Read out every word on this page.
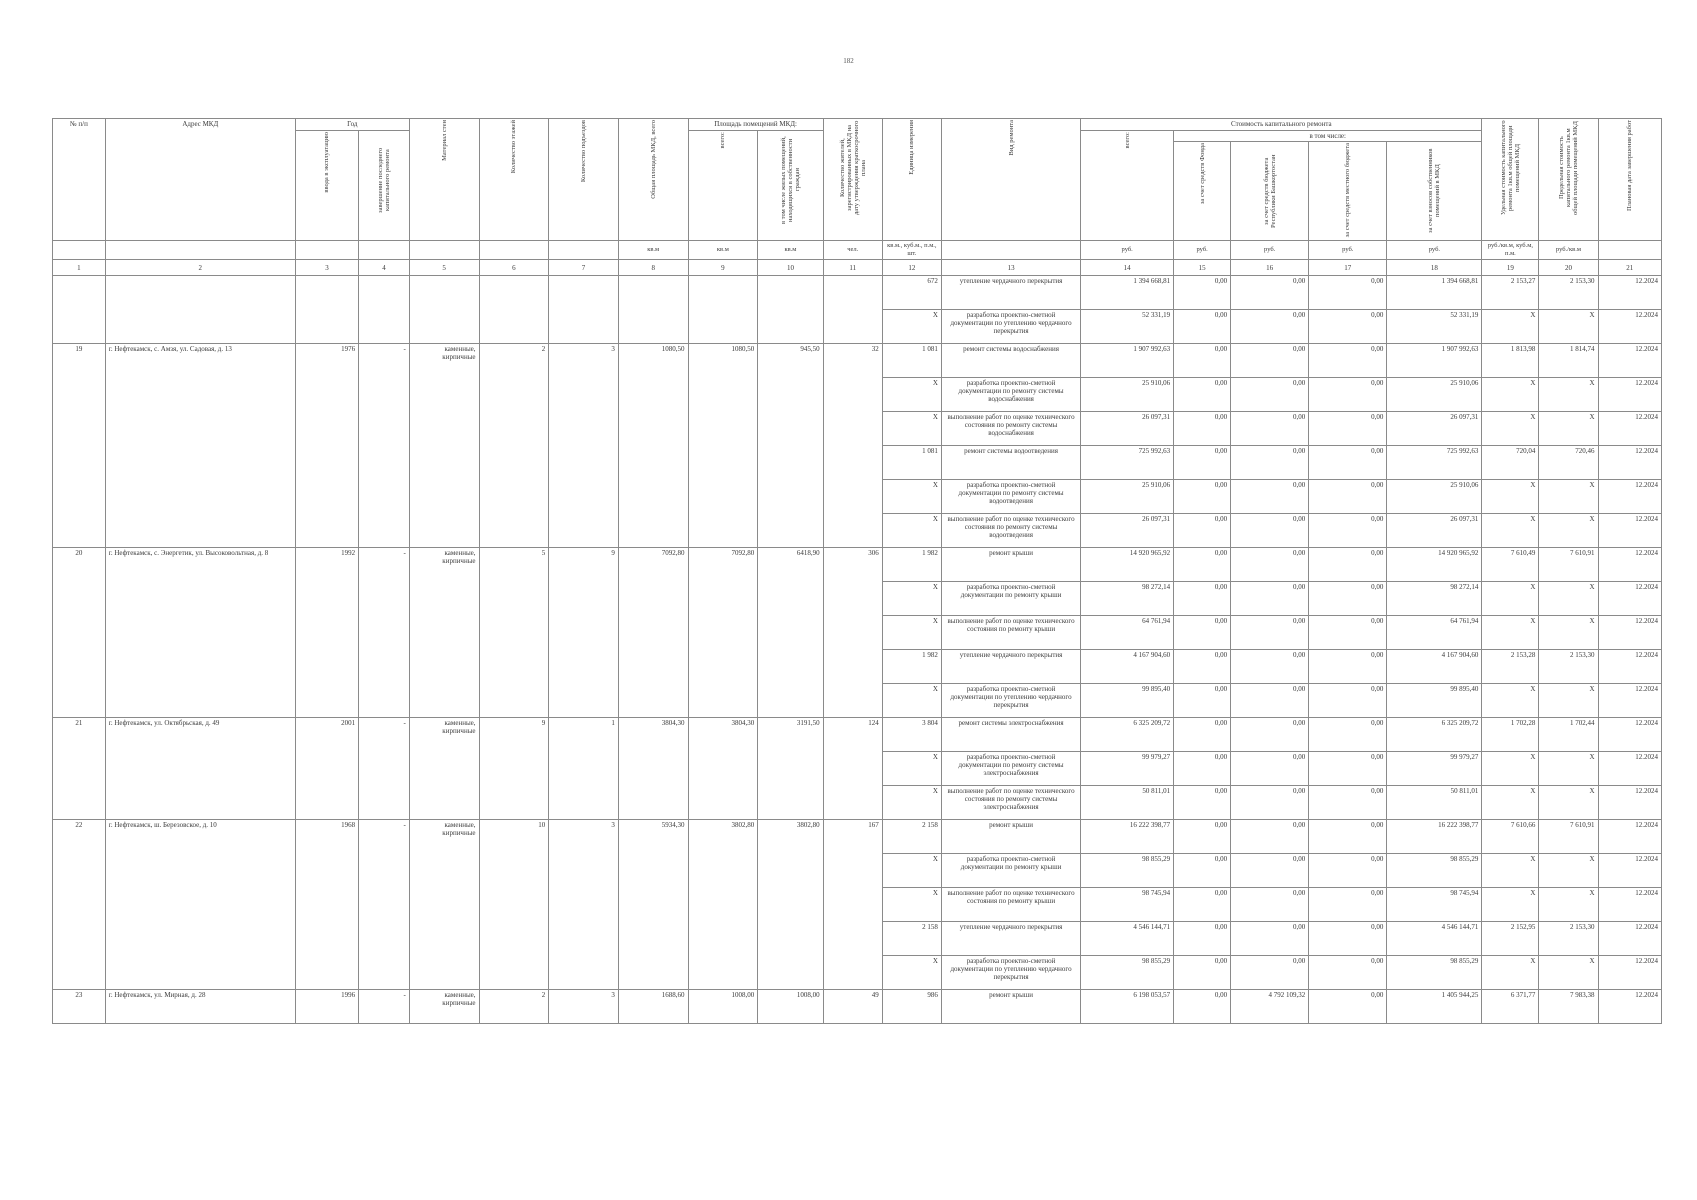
182
№ п/п	Адрес МКД	Год		Материал стен	Количество этажей	Количество подъездов	Общая площадь МКД, всего	Площадь помещений МКД:		Количество жителей, зарегистрированных в МКД на дату утверждения краткосрочного плана	Единица измерения	Вид ремонта	Стоимость капитального ремонта					Удельная стоимость капитального ремонта 1кв.м общей площади помещений МКД	Предельная стоимость капитального ремонта 1кв.м общей площади помещений МКД	Плановая дата завершения работ

		ввода в эксплуатацию	завершение последнего капитального ремонта					всего:	в том числе жилых помещений, находящихся в собственности граждан				всего:	в том числе:						

														за счет средств Фонда	за счет средств бюджета Республики Башкортостан	за счет средств местного бюджета	за счет взносов собственников помещений в МКД			

							кв.м	кв.м	кв.м	чел.	кв.м., куб.м., п.м., шт.		руб.	руб.	руб.	руб.	руб.	руб./кв.м, куб.м, п.м.	руб./кв.м	
1	2	3	4	5	6	7	8	9	10	11	12	13	14	15	16	17	18	19	20	21
											672	утепление чердачного перекрытия	1 394 668,81	0,00	0,00	0,00	1 394 668,81	2 153,27	2 153,30	12.2024
											X	разработка проектно-сметной документации по утеплению чердачного перекрытия	52 331,19	0,00	0,00	0,00	52 331,19	X	X	12.2024
19	г. Нефтекамск, с. Амзя, ул. Садовая, д. 13	1976	-	каменные, кирпичные	2	3	1080,50	1080,50	945,50	32	1 081	ремонт системы водоснабжения	1 907 992,63	0,00	0,00	0,00	1 907 992,63	1 813,98	1 814,74	12.2024
											X	разработка проектно-сметной документации по ремонту системы водоснабжения	25 910,06	0,00	0,00	0,00	25 910,06	X	X	12.2024
											X	выполнение работ по оценке технического состояния по ремонту системы водоснабжения	26 097,31	0,00	0,00	0,00	26 097,31	X	X	12.2024
											1 081	ремонт системы водоотведения	725 992,63	0,00	0,00	0,00	725 992,63	720,04	720,46	12.2024
											X	разработка проектно-сметной документации по ремонту системы водоотведения	25 910,06	0,00	0,00	0,00	25 910,06	X	X	12.2024
											X	выполнение работ по оценке технического состояния по ремонту системы водоотведения	26 097,31	0,00	0,00	0,00	26 097,31	X	X	12.2024
20	г. Нефтекамск, с. Энергетик, ул. Высоковольтная, д. 8	1992	-	каменные, кирпичные	5	9	7092,80	7092,80	6418,90	306	1 982	ремонт крыши	14 920 965,92	0,00	0,00	0,00	14 920 965,92	7 610,49	7 610,91	12.2024
											X	разработка проектно-сметной документации по ремонту крыши	98 272,14	0,00	0,00	0,00	98 272,14	X	X	12.2024
											X	выполнение работ по оценке технического состояния по ремонту крыши	64 761,94	0,00	0,00	0,00	64 761,94	X	X	12.2024
											1 982	утепление чердачного перекрытия	4 167 904,60	0,00	0,00	0,00	4 167 904,60	2 153,28	2 153,30	12.2024
											X	разработка проектно-сметной документации по утеплению чердачного перекрытия	99 895,40	0,00	0,00	0,00	99 895,40	X	X	12.2024
21	г. Нефтекамск, ул. Октябрьская, д. 49	2001	-	каменные, кирпичные	9	1	3804,30	3804,30	3191,50	124	3 804	ремонт системы электроснабжения	6 325 209,72	0,00	0,00	0,00	6 325 209,72	1 702,28	1 702,44	12.2024
											X	разработка проектно-сметной документации по ремонту системы электроснабжения	99 979,27	0,00	0,00	0,00	99 979,27	X	X	12.2024
											X	выполнение работ по оценке технического состояния по ремонту системы электроснабжения	50 811,01	0,00	0,00	0,00	50 811,01	X	X	12.2024
22	г. Нефтекамск, ш. Березовское, д. 10	1968	-	каменные, кирпичные	10	3	5934,30	3802,80	3802,80	167	2 158	ремонт крыши	16 222 398,77	0,00	0,00	0,00	16 222 398,77	7 610,66	7 610,91	12.2024
											X	разработка проектно-сметной документации по ремонту крыши	98 855,29	0,00	0,00	0,00	98 855,29	X	X	12.2024
											X	выполнение работ по оценке технического состояния по ремонту крыши	98 745,94	0,00	0,00	0,00	98 745,94	X	X	12.2024
											2 158	утепление чердачного перекрытия	4 546 144,71	0,00	0,00	0,00	4 546 144,71	2 152,95	2 153,30	12.2024
											X	разработка проектно-сметной документации по утеплению чердачного перекрытия	98 855,29	0,00	0,00	0,00	98 855,29	X	X	12.2024
23	г. Нефтекамск, ул. Мирная, д. 28	1996	-	каменные, кирпичные	2	3	1688,60	1008,00	1008,00	49	986	ремонт крыши	6 198 053,57	0,00	4 792 109,32	0,00	1 405 944,25	6 371,77	7 983,38	12.2024
